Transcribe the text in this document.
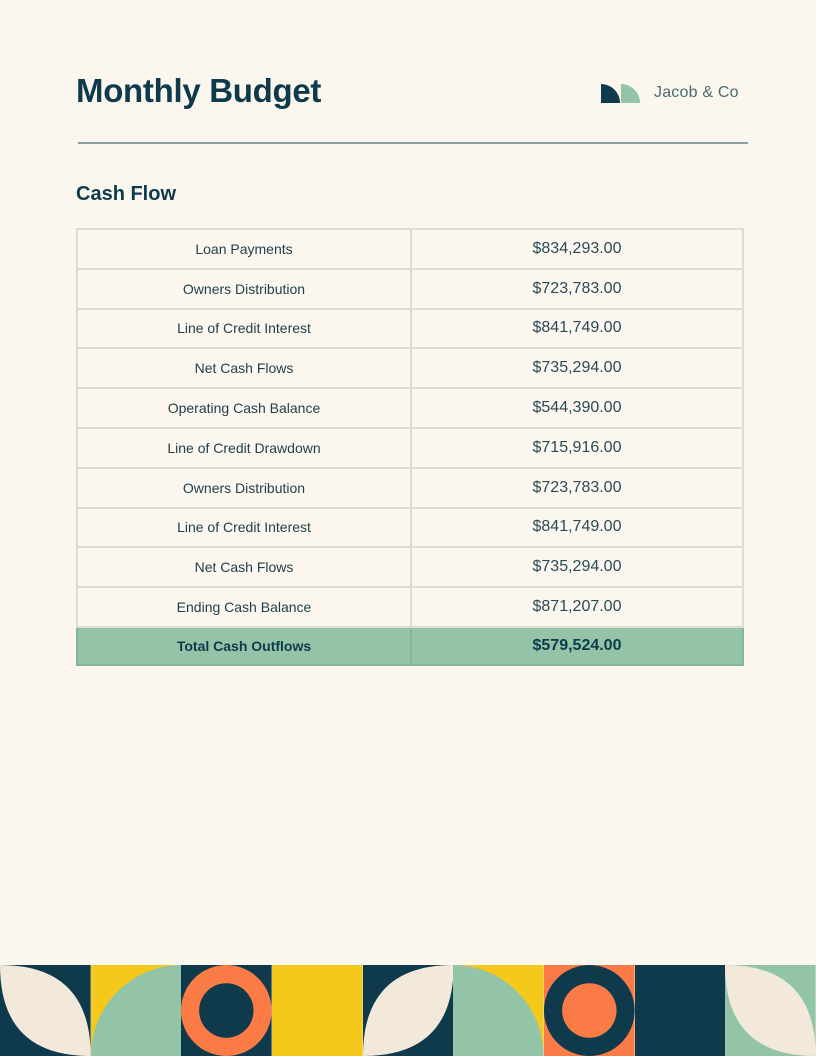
Monthly Budget	Jacob & Co
Cash Flow
Loan Payments	$834,293.00
Owners Distribution	$723,783.00
Line of Credit Interest	$841,749.00
Net Cash Flows	$735,294.00
Operating Cash Balance	$544,390.00
Line of Credit Drawdown	$715,916.00
Owners Distribution	$723,783.00
Line of Credit Interest	$841,749.00
Net Cash Flows	$735,294.00
Ending Cash Balance	$871,207.00
Total Cash Outflows	$579,524.00
